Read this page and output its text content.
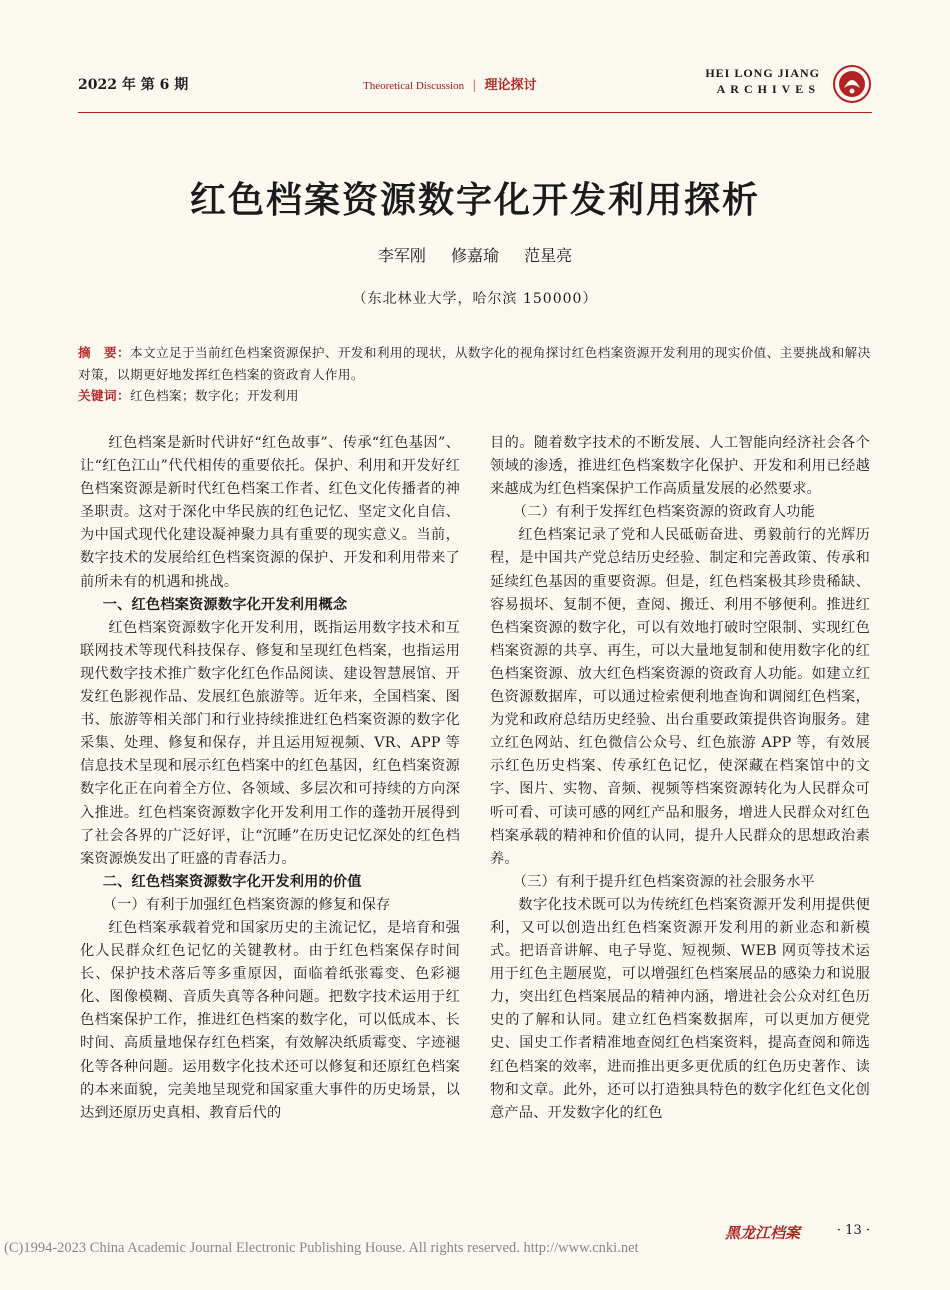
2022 年 第 6 期	Theoretical Discussion | 理论探讨
HEI LONG JIANG
ARCHIVES
红色档案资源数字化开发利用探析
李军刚 修嘉瑜 范星亮
（东北林业大学，哈尔滨 150000）
摘　要：本文立足于当前红色档案资源保护、开发和利用的现状，从数字化的视角探讨红色档案资源开发利用的现实价值、主要挑战和解决对策，以期更好地发挥红色档案的资政育人作用。
关键词：红色档案；数字化；开发利用

红色档案是新时代讲好“红色故事”、传承“红色基因”、让“红色江山”代代相传的重要依托。保护、利用和开发好红色档案资源是新时代红色档案工作者、红色文化传播者的神圣职责。这对于深化中华民族的红色记忆、坚定文化自信、为中国式现代化建设凝神聚力具有重要的现实意义。当前，数字技术的发展给红色档案资源的保护、开发和利用带来了前所未有的机遇和挑战。

一、红色档案资源数字化开发利用概念

红色档案资源数字化开发利用，既指运用数字技术和互联网技术等现代科技保存、修复和呈现红色档案，也指运用现代数字技术推广数字化红色作品阅读、建设智慧展馆、开发红色影视作品、发展红色旅游等。近年来，全国档案、图书、旅游等相关部门和行业持续推进红色档案资源的数字化采集、处理、修复和保存，并且运用短视频、VR、APP 等信息技术呈现和展示红色档案中的红色基因，红色档案资源数字化正在向着全方位、各领域、多层次和可持续的方向深入推进。红色档案资源数字化开发利用工作的蓬勃开展得到了社会各界的广泛好评，让“沉睡”在历史记忆深处的红色档案资源焕发出了旺盛的青春活力。

二、红色档案资源数字化开发利用的价值
（一）有利于加强红色档案资源的修复和保存

红色档案承载着党和国家历史的主流记忆，是培育和强化人民群众红色记忆的关键教材。由于红色档案保存时间长、保护技术落后等多重原因，面临着纸张霉变、色彩褪化、图像模糊、音质失真等各种问题。把数字技术运用于红色档案保护工作，推进红色档案的数字化，可以低成本、长时间、高质量地保存红色档案，有效解决纸质霉变、字迹褪化等各种问题。运用数字化技术还可以修复和还原红色档案的本来面貌，完美地呈现党和国家重大事件的历史场景，以达到还原历史真相、教育后代的

目的。随着数字技术的不断发展、人工智能向经济社会各个领域的渗透，推进红色档案数字化保护、开发和利用已经越来越成为红色档案保护工作高质量发展的必然要求。

（二）有利于发挥红色档案资源的资政育人功能

红色档案记录了党和人民砥砺奋进、勇毅前行的光辉历程，是中国共产党总结历史经验、制定和完善政策、传承和延续红色基因的重要资源。但是，红色档案极其珍贵稀缺、容易损坏、复制不便，查阅、搬迁、利用不够便利。推进红色档案资源的数字化，可以有效地打破时空限制、实现红色档案资源的共享、再生，可以大量地复制和使用数字化的红色档案资源、放大红色档案资源的资政育人功能。如建立红色资源数据库，可以通过检索便利地查询和调阅红色档案，为党和政府总结历史经验、出台重要政策提供咨询服务。建立红色网站、红色微信公众号、红色旅游 APP 等，有效展示红色历史档案、传承红色记忆，使深藏在档案馆中的文字、图片、实物、音频、视频等档案资源转化为人民群众可听可看、可读可感的网红产品和服务，增进人民群众对红色档案承载的精神和价值的认同，提升人民群众的思想政治素养。

（三）有利于提升红色档案资源的社会服务水平

数字化技术既可以为传统红色档案资源开发利用提供便利，又可以创造出红色档案资源开发利用的新业态和新模式。把语音讲解、电子导览、短视频、WEB 网页等技术运用于红色主题展览，可以增强红色档案展品的感染力和说服力，突出红色档案展品的精神内涵，增进社会公众对红色历史的了解和认同。建立红色档案数据库，可以更加方便党史、国史工作者精准地查阅红色档案资料，提高查阅和筛选红色档案的效率，进而推出更多更优质的红色历史著作、读物和文章。此外，还可以打造独具特色的数字化红色文化创意产品、开发数字化的红色

黑龙江档案	· 13 ·
(C)1994-2023 China Academic Journal Electronic Publishing House. All rights reserved. http://www.cnki.net
